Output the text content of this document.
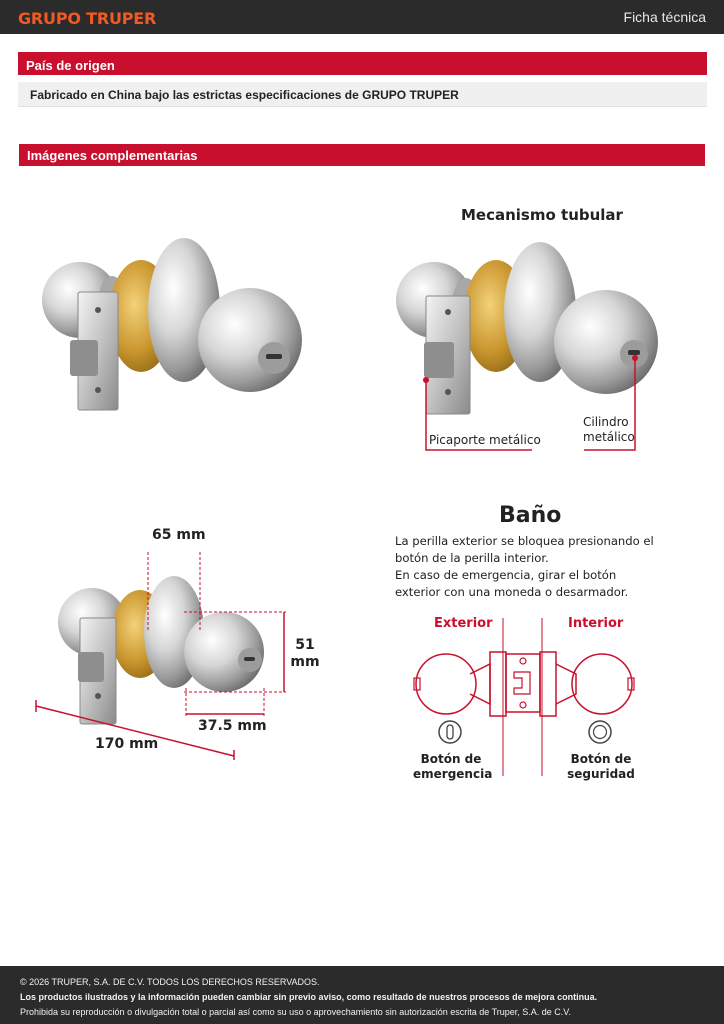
GRUPO TRUPER	Ficha técnica
País de origen
Fabricado en China bajo las estrictas especificaciones de GRUPO TRUPER
Imágenes complementarias
Mecanismo tubular
Picaporte metálico
Cilindro metálico
65 mm
51 mm
37.5 mm
170 mm
Baño
La perilla exterior se bloquea presionando el botón de la perilla interior.
En caso de emergencia, girar el botón exterior con una moneda o desarmador.
Exterior	Interior
Botón de emergencia
Botón de seguridad
© 2026 TRUPER, S.A. DE C.V. TODOS LOS DERECHOS RESERVADOS.
Los productos ilustrados y la información pueden cambiar sin previo aviso, como resultado de nuestros procesos de mejora continua.
Prohibida su reproducción o divulgación total o parcial así como su uso o aprovechamiento sin autorización escrita de Truper, S.A. de C.V.
